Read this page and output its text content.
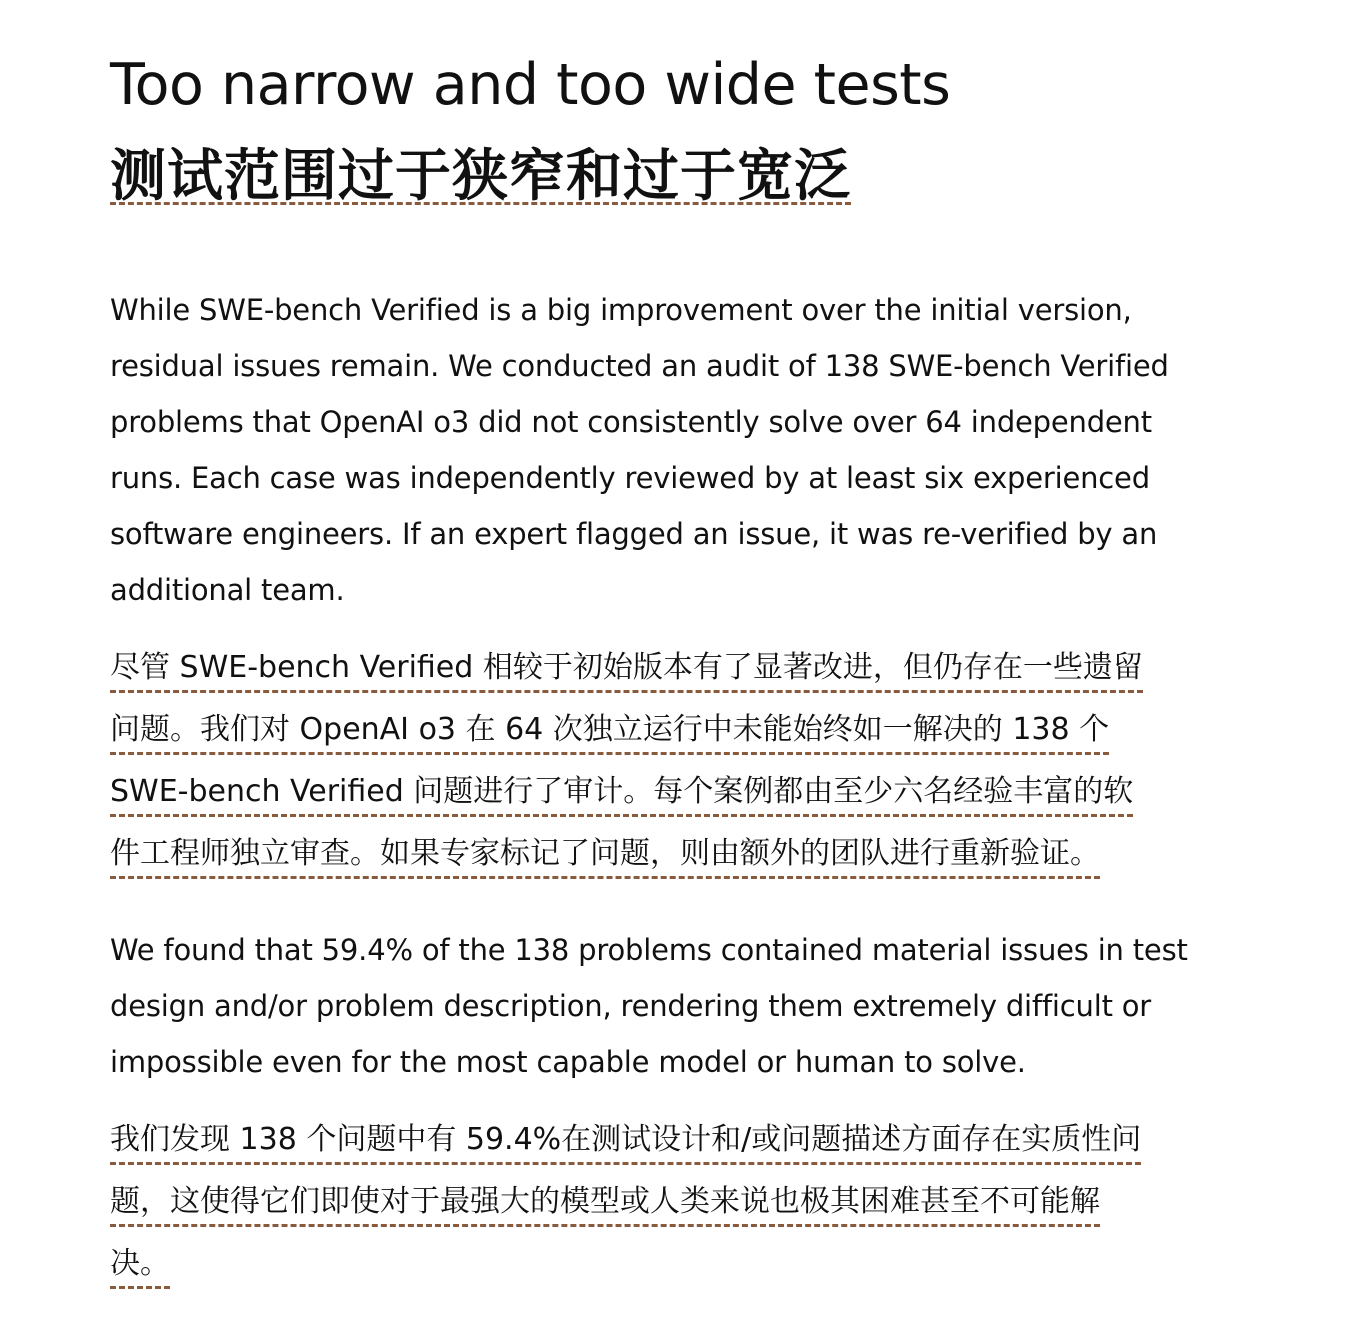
Too narrow and too wide tests
测试范围过于狭窄和过于宽泛
While SWE-bench Verified is a big improvement over the initial version,
residual issues remain. We conducted an audit of 138 SWE-bench Verified
problems that OpenAI o3 did not consistently solve over 64 independent
runs. Each case was independently reviewed by at least six experienced
software engineers. If an expert flagged an issue, it was re-verified by an
additional team.
尽管 SWE-bench Verified 相较于初始版本有了显著改进，但仍存在一些遗留
问题。我们对 OpenAI o3 在 64 次独立运行中未能始终如一解决的 138 个
SWE-bench Verified 问题进行了审计。每个案例都由至少六名经验丰富的软
件工程师独立审查。如果专家标记了问题，则由额外的团队进行重新验证。
We found that 59.4% of the 138 problems contained material issues in test
design and/or problem description, rendering them extremely difficult or
impossible even for the most capable model or human to solve.
我们发现 138 个问题中有 59.4%在测试设计和/或问题描述方面存在实质性问
题，这使得它们即使对于最强大的模型或人类来说也极其困难甚至不可能解
决。
